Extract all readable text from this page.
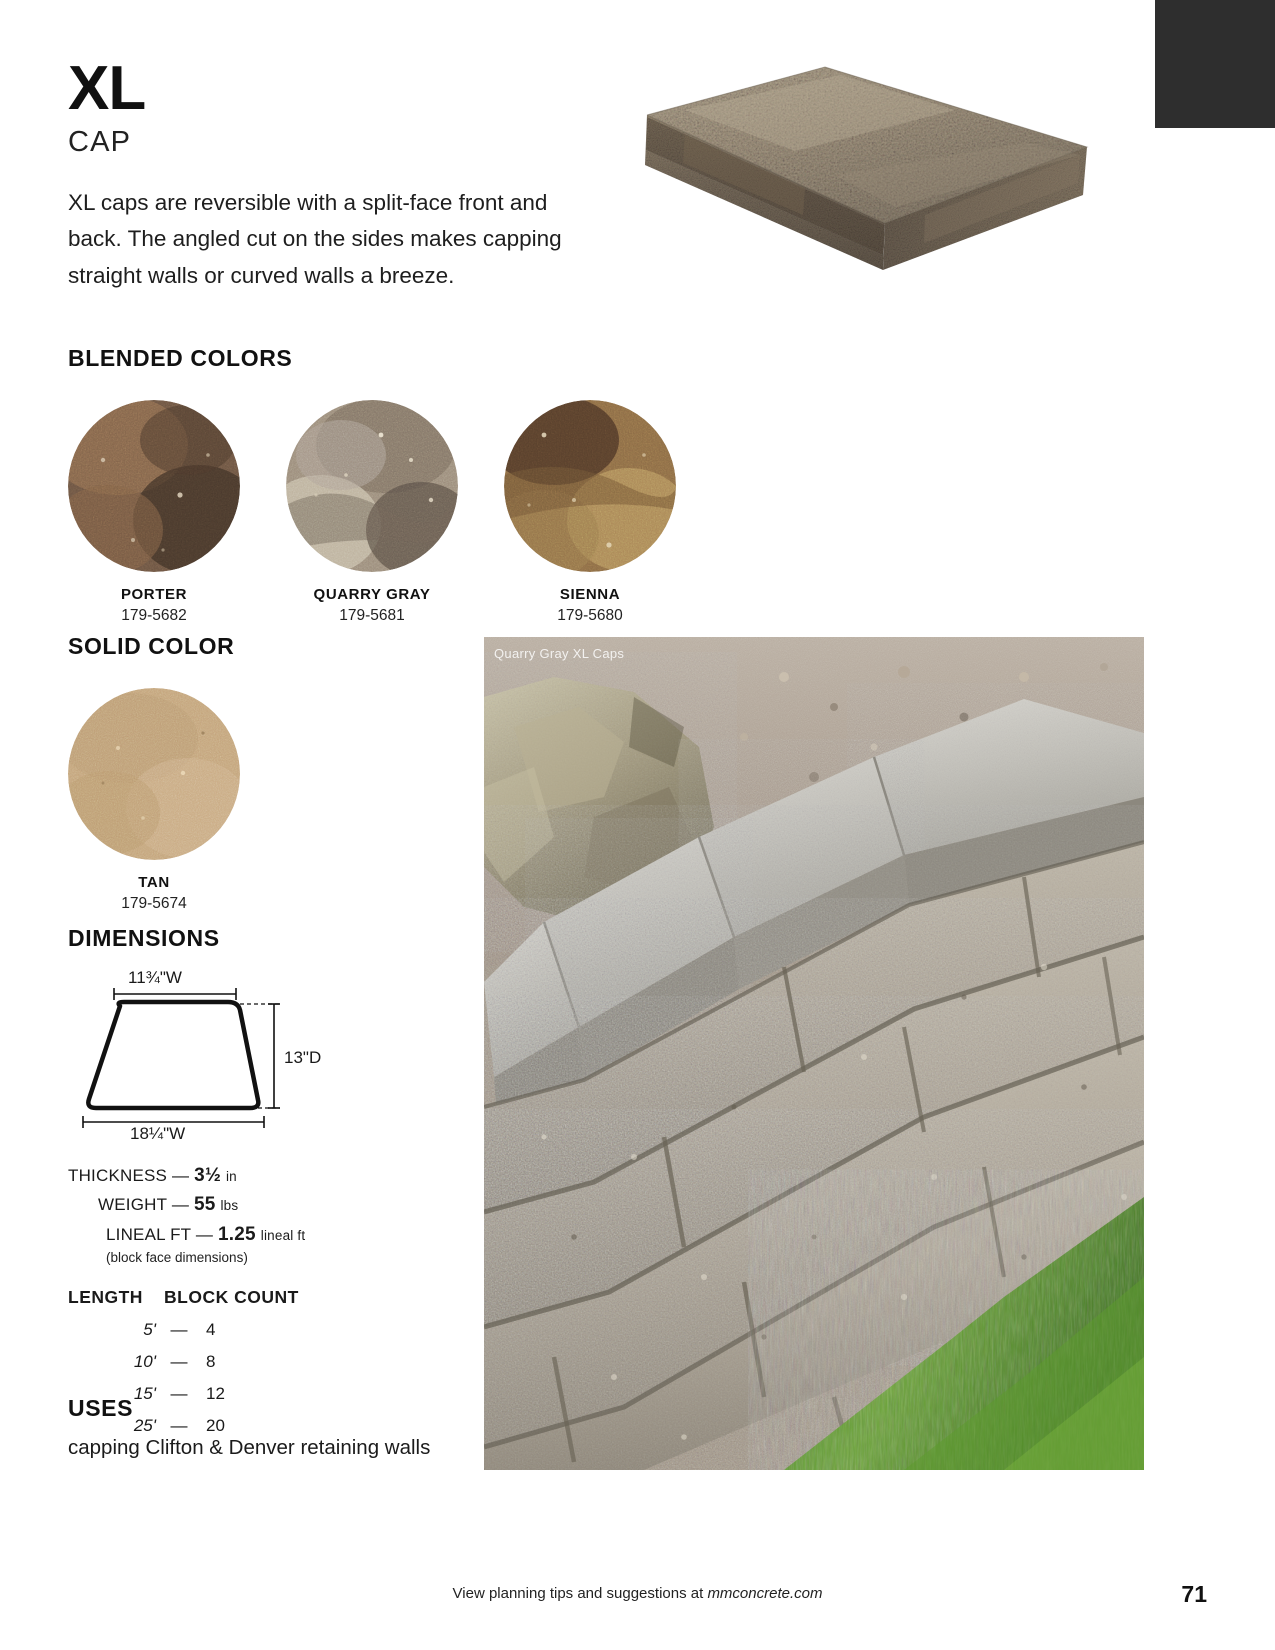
XL
CAP
XL caps are reversible with a split-face front and back. The angled cut on the sides makes capping straight walls or curved walls a breeze.
BLENDED COLORS
PORTER
179-5682
QUARRY GRAY
179-5681
SIENNA
179-5680
SOLID COLOR
TAN
179-5674
DIMENSIONS
11¾"W
13"D
18¼"W
THICKNESS — 3½ in
WEIGHT — 55 lbs
LINEAL FT — 1.25 lineal ft
(block face dimensions)
LENGTH	BLOCK COUNT
5' —	4
10' —	8
15' —	12
25' —	20
USES
capping Clifton & Denver retaining walls
Quarry Gray XL Caps
View planning tips and suggestions at mmconcrete.com	71
